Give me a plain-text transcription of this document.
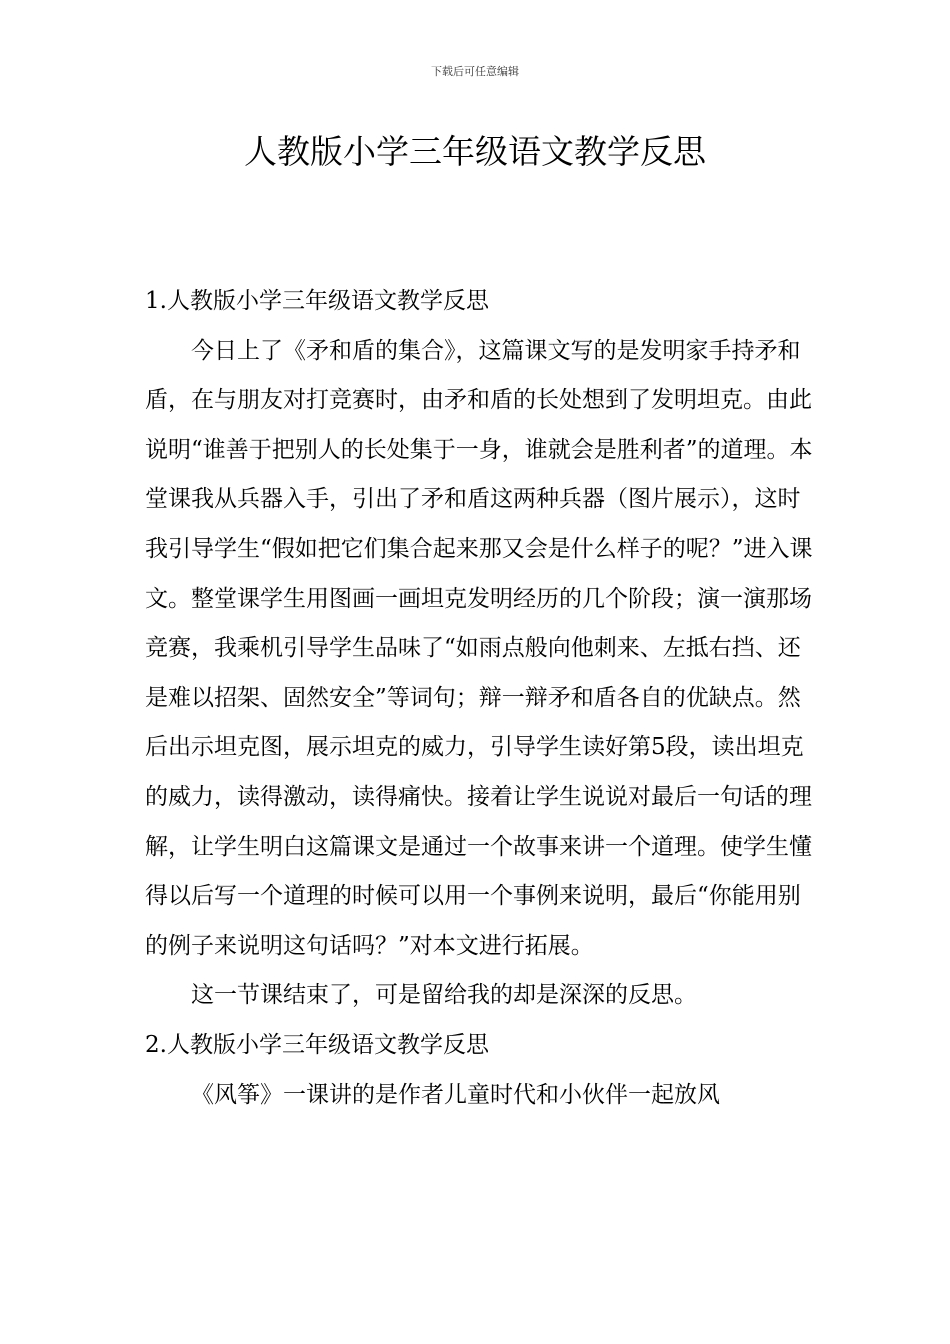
下载后可任意编辑
人教版小学三年级语文教学反思

1.人教版小学三年级语文教学反思

今日上了《矛和盾的集合》，这篇课文写的是发明家手持矛和盾，在与朋友对打竞赛时，由矛和盾的长处想到了发明坦克。由此说明“谁善于把别人的长处集于一身，谁就会是胜利者”的道理。本堂课我从兵器入手，引出了矛和盾这两种兵器（图片展示），这时我引导学生“假如把它们集合起来那又会是什么样子的呢？”进入课文。整堂课学生用图画一画坦克发明经历的几个阶段；演一演那场竞赛，我乘机引导学生品味了“如雨点般向他刺来、左抵右挡、还是难以招架、固然安全”等词句；辩一辩矛和盾各自的优缺点。然后出示坦克图，展示坦克的威力，引导学生读好第5段，读出坦克的威力，读得激动，读得痛快。接着让学生说说对最后一句话的理解，让学生明白这篇课文是通过一个故事来讲一个道理。使学生懂得以后写一个道理的时候可以用一个事例来说明，最后“你能用别的例子来说明这句话吗？”对本文进行拓展。

这一节课结束了，可是留给我的却是深深的反思。

2.人教版小学三年级语文教学反思

《风筝》一课讲的是作者儿童时代和小伙伴一起放风
